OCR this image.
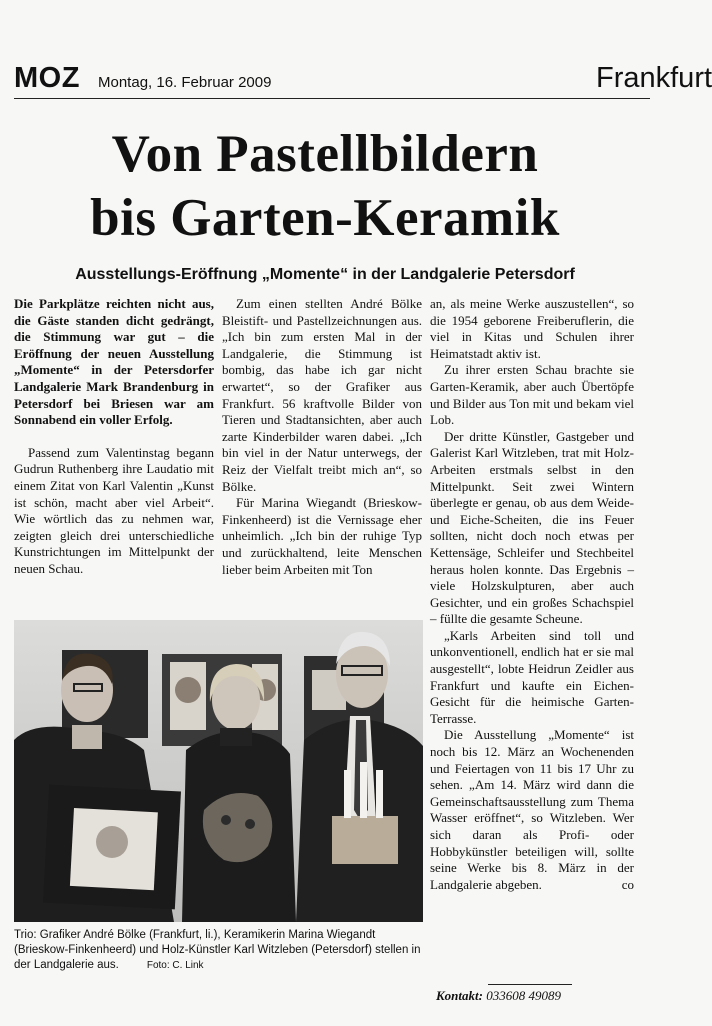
MOZ Montag, 16. Februar 2009	Frankfurt
Von Pastellbildern
bis Garten-Keramik
Ausstellungs-Eröffnung „Momente“ in der Landgalerie Petersdorf

Die Parkplätze reichten nicht aus, die Gäste standen dicht gedrängt, die Stimmung war gut – die Eröffnung der neuen Ausstellung „Momente“ in der Petersdorfer Landgalerie Mark Brandenburg in Petersdorf bei Briesen war am Sonnabend ein voller Erfolg.

Passend zum Valentinstag begann Gudrun Ruthenberg ihre Laudatio mit einem Zitat von Karl Valentin „Kunst ist schön, macht aber viel Arbeit“. Wie wörtlich das zu nehmen war, zeigten gleich drei unterschiedliche Kunstrichtungen im Mittelpunkt der neuen Schau.

Zum einen stellten André Bölke Bleistift- und Pastellzeichnungen aus. „Ich bin zum ersten Mal in der Landgalerie, die Stimmung ist bombig, das habe ich gar nicht erwartet“, so der Grafiker aus Frankfurt. 56 kraftvolle Bilder von Tieren und Stadtansichten, aber auch zarte Kinderbilder waren dabei. „Ich bin viel in der Natur unterwegs, der Reiz der Vielfalt treibt mich an“, so Bölke.

Für Marina Wiegandt (Brieskow-Finkenheerd) ist die Vernissage eher unheimlich. „Ich bin der ruhige Typ und zurückhaltend, leite Menschen lieber beim Arbeiten mit Ton

an, als meine Werke auszustellen“, so die 1954 geborene Freiberuflerin, die viel in Kitas und Schulen ihrer Heimatstadt aktiv ist.

Zu ihrer ersten Schau brachte sie Garten-Keramik, aber auch Übertöpfe und Bilder aus Ton mit und bekam viel Lob.

Der dritte Künstler, Gastgeber und Galerist Karl Witzleben, trat mit Holz-Arbeiten erstmals selbst in den Mittelpunkt. Seit zwei Wintern überlegte er genau, ob aus dem Weide- und Eiche-Scheiten, die ins Feuer sollten, nicht doch noch etwas per Kettensäge, Schleifer und Stechbeitel heraus holen konnte. Das Ergebnis – viele Holzskulpturen, aber auch Gesichter, und ein großes Schachspiel – füllte die gesamte Scheune.

„Karls Arbeiten sind toll und unkonventionell, endlich hat er sie mal ausgestellt“, lobte Heidrun Zeidler aus Frankfurt und kaufte ein Eichen-Gesicht für die heimische Garten-Terrasse.

Die Ausstellung „Momente“ ist noch bis 12. März an Wochenenden und Feiertagen von 11 bis 17 Uhr zu sehen. „Am 14. März wird dann die Gemeinschaftsausstellung zum Thema Wasser eröffnet“, so Witzleben. Wer sich daran als Profi- oder Hobbykünstler beteiligen will, sollte seine Werke bis 8. März in der Landgalerie abgeben.	co

Trio: Grafiker André Bölke (Frankfurt, li.), Keramikerin Marina Wiegandt (Brieskow-Finkenheerd) und Holz-Künstler Karl Witzleben (Petersdorf) stellen in der Landgalerie aus.	Foto: C. Link
Kontakt: 033608 49089
